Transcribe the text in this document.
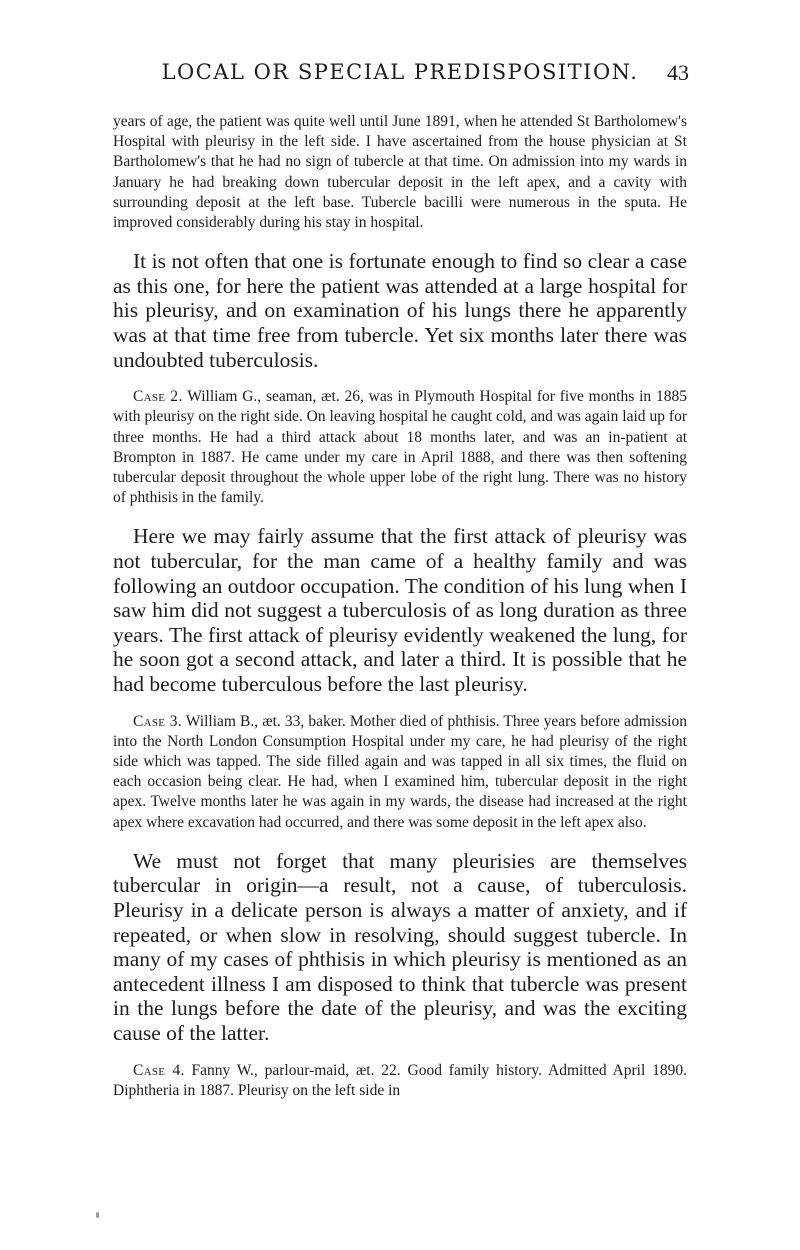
LOCAL OR SPECIAL PREDISPOSITION.	43

years of age, the patient was quite well until June 1891, when he attended St Bartholomew's Hospital with pleurisy in the left side. I have ascertained from the house physician at St Bartholomew's that he had no sign of tubercle at that time. On admission into my wards in January he had breaking down tubercular deposit in the left apex, and a cavity with surrounding deposit at the left base. Tubercle bacilli were numerous in the sputa. He improved considerably during his stay in hospital.

It is not often that one is fortunate enough to find so clear a case as this one, for here the patient was attended at a large hospital for his pleurisy, and on examination of his lungs there he apparently was at that time free from tubercle. Yet six months later there was undoubted tuberculosis.

Case 2. William G., seaman, æt. 26, was in Plymouth Hospital for five months in 1885 with pleurisy on the right side. On leaving hospital he caught cold, and was again laid up for three months. He had a third attack about 18 months later, and was an in-patient at Brompton in 1887. He came under my care in April 1888, and there was then softening tubercular deposit throughout the whole upper lobe of the right lung. There was no history of phthisis in the family.

Here we may fairly assume that the first attack of pleurisy was not tubercular, for the man came of a healthy family and was following an outdoor occupation. The condition of his lung when I saw him did not suggest a tuberculosis of as long duration as three years. The first attack of pleurisy evidently weakened the lung, for he soon got a second attack, and later a third. It is possible that he had become tuberculous before the last pleurisy.

Case 3. William B., æt. 33, baker. Mother died of phthisis. Three years before admission into the North London Consumption Hospital under my care, he had pleurisy of the right side which was tapped. The side filled again and was tapped in all six times, the fluid on each occasion being clear. He had, when I examined him, tubercular deposit in the right apex. Twelve months later he was again in my wards, the disease had increased at the right apex where excavation had occurred, and there was some deposit in the left apex also.

We must not forget that many pleurisies are themselves tubercular in origin—a result, not a cause, of tuberculosis. Pleurisy in a delicate person is always a matter of anxiety, and if repeated, or when slow in resolving, should suggest tubercle. In many of my cases of phthisis in which pleurisy is mentioned as an antecedent illness I am disposed to think that tubercle was present in the lungs before the date of the pleurisy, and was the exciting cause of the latter.

Case 4. Fanny W., parlour-maid, æt. 22. Good family history. Admitted April 1890. Diphtheria in 1887. Pleurisy on the left side in
